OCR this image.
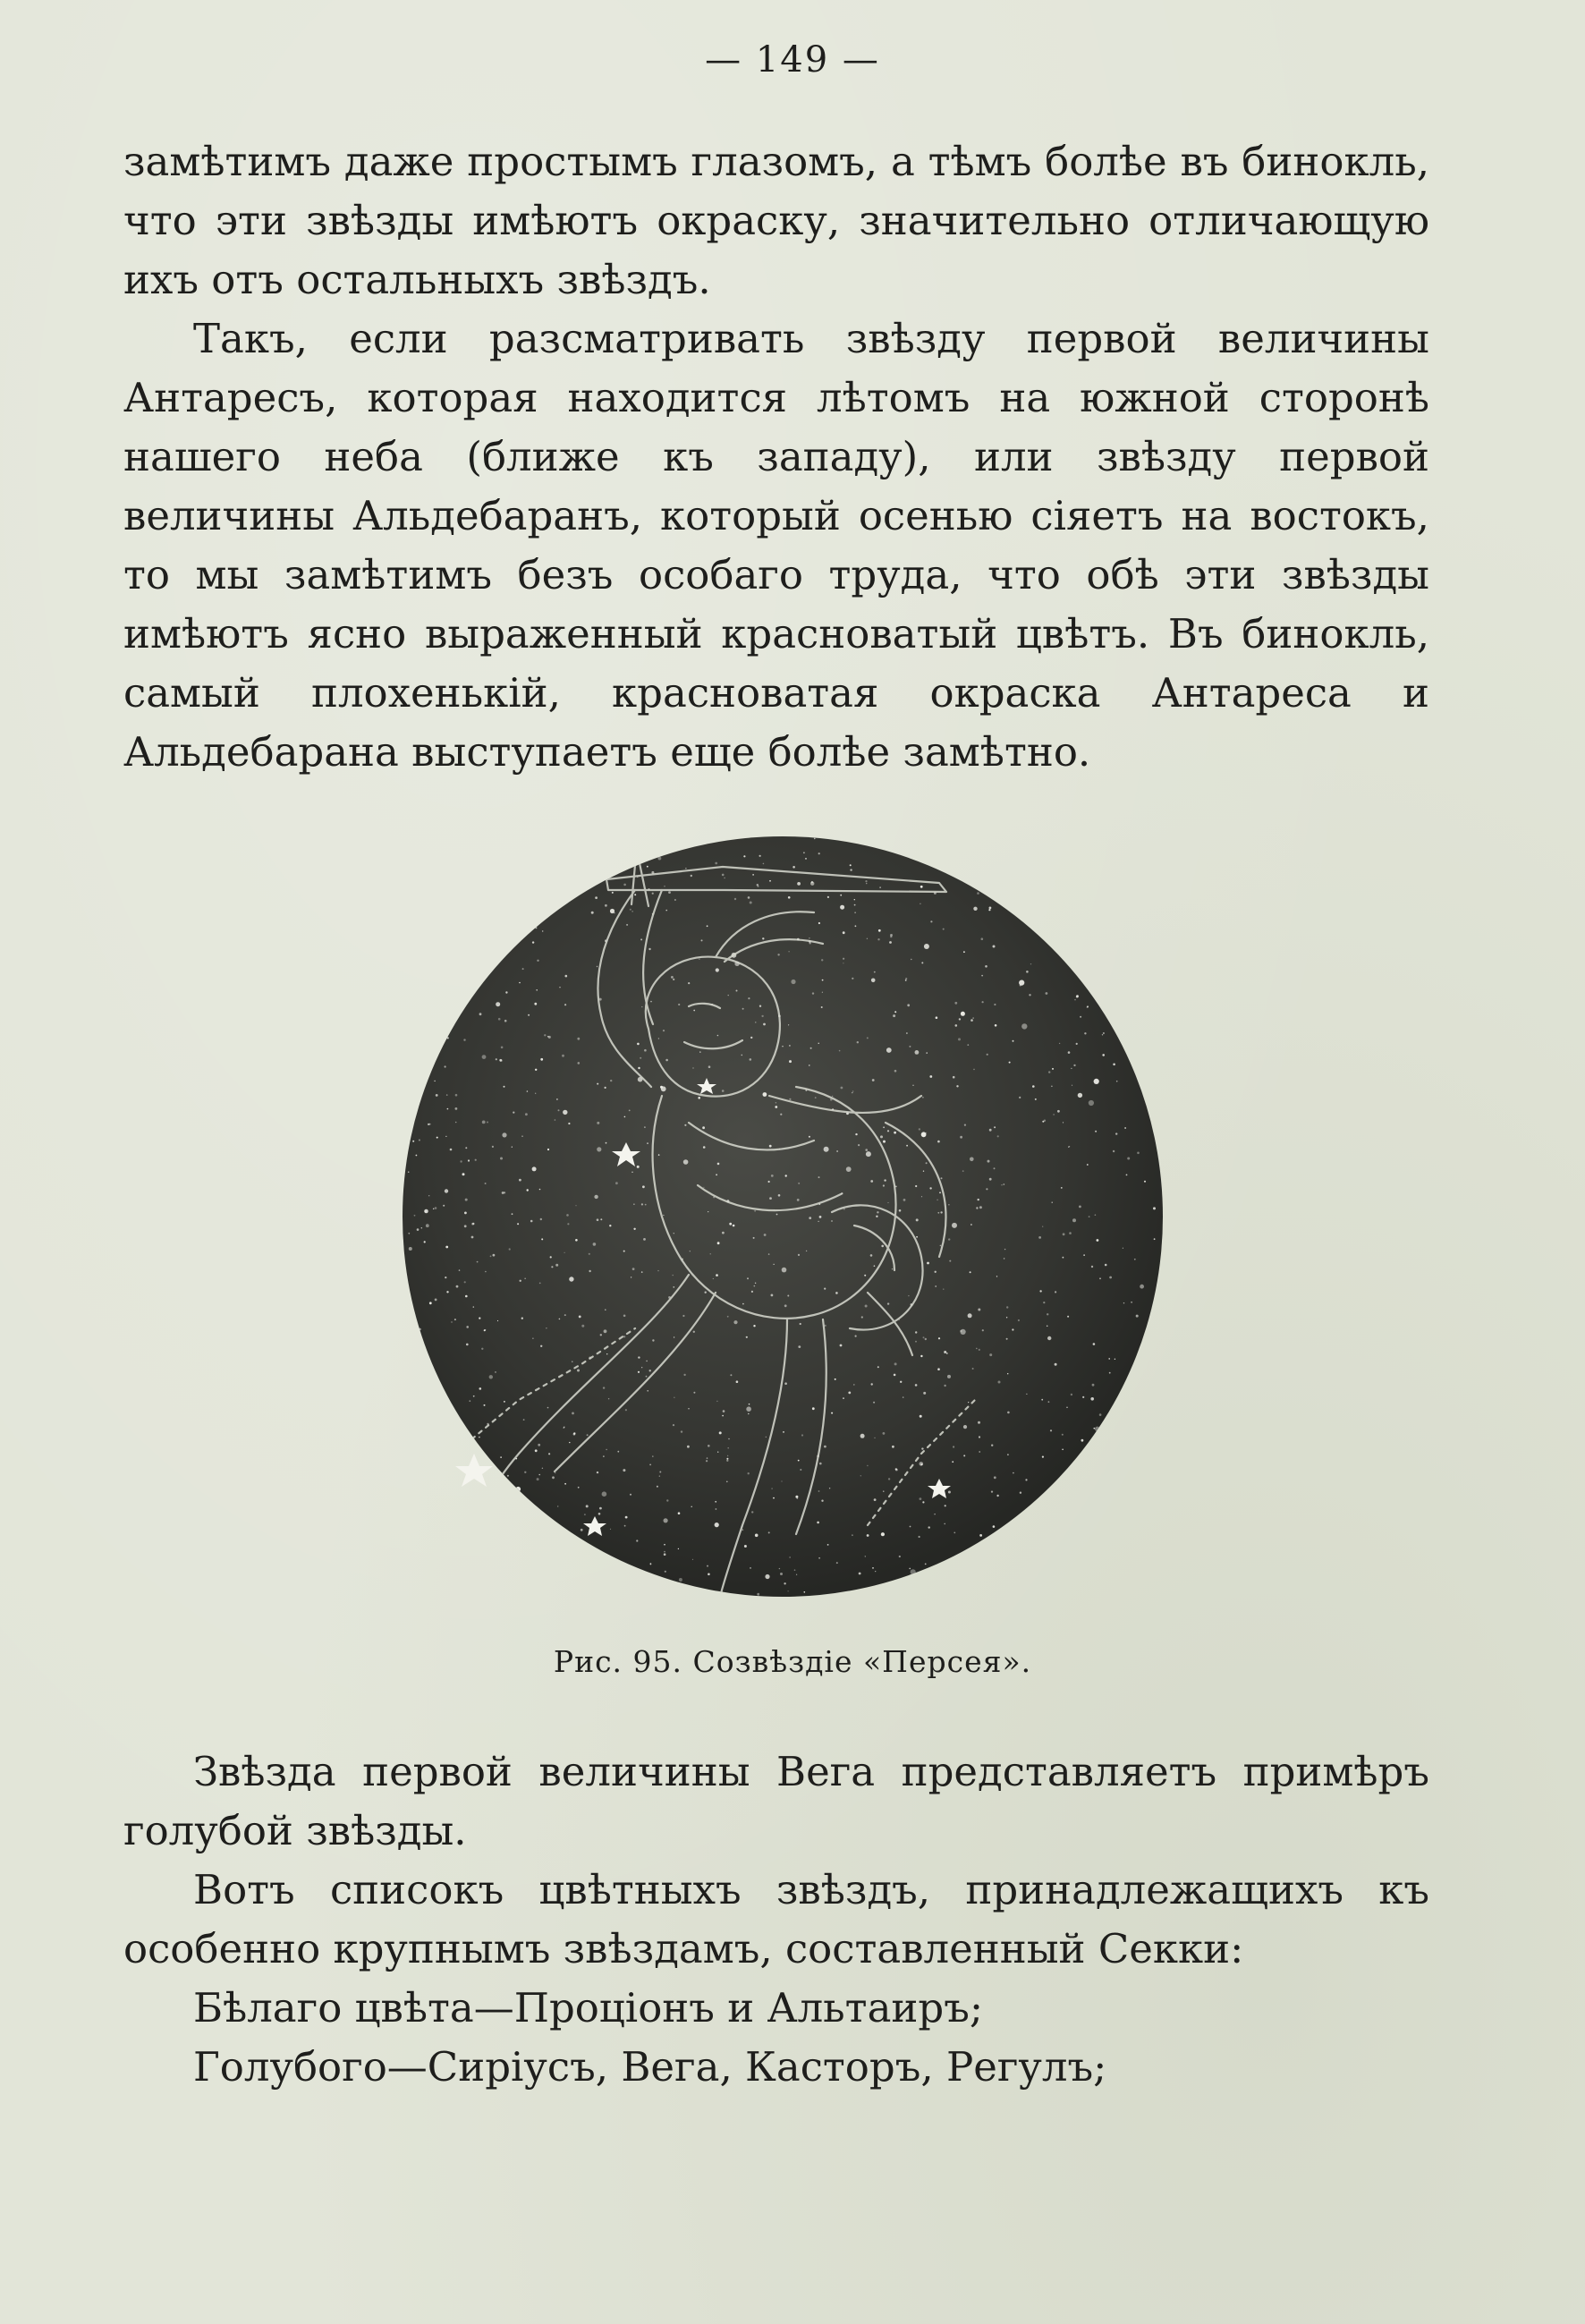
— 149 —

замѣтимъ даже простымъ глазомъ, а тѣмъ болѣе въ бинокль, что эти звѣзды имѣютъ окраску, значительно отличающую ихъ отъ остальныхъ звѣздъ.

Такъ, если разсматривать звѣзду первой величины Антаресъ, которая находится лѣтомъ на южной сторонѣ нашего неба (ближе къ западу), или звѣзду первой величины Альдебаранъ, который осенью сіяетъ на востокъ, то мы замѣтимъ безъ особаго труда, что обѣ эти звѣзды имѣютъ ясно выраженный красноватый цвѣтъ. Въ бинокль, самый плохенькій, красноватая окраска Антареса и Альдебарана выступаетъ еще болѣе замѣтно.

Рис. 95. Созвѣздіе «Персея».

Звѣзда первой величины Вега представляетъ примѣръ голубой звѣзды.

Вотъ списокъ цвѣтныхъ звѣздъ, принадлежащихъ къ особенно крупнымъ звѣздамъ, составленный Секки:

Бѣлаго цвѣта—Проціонъ и Альтаиръ;

Голубого—Сиріусъ, Вега, Касторъ, Регулъ;
